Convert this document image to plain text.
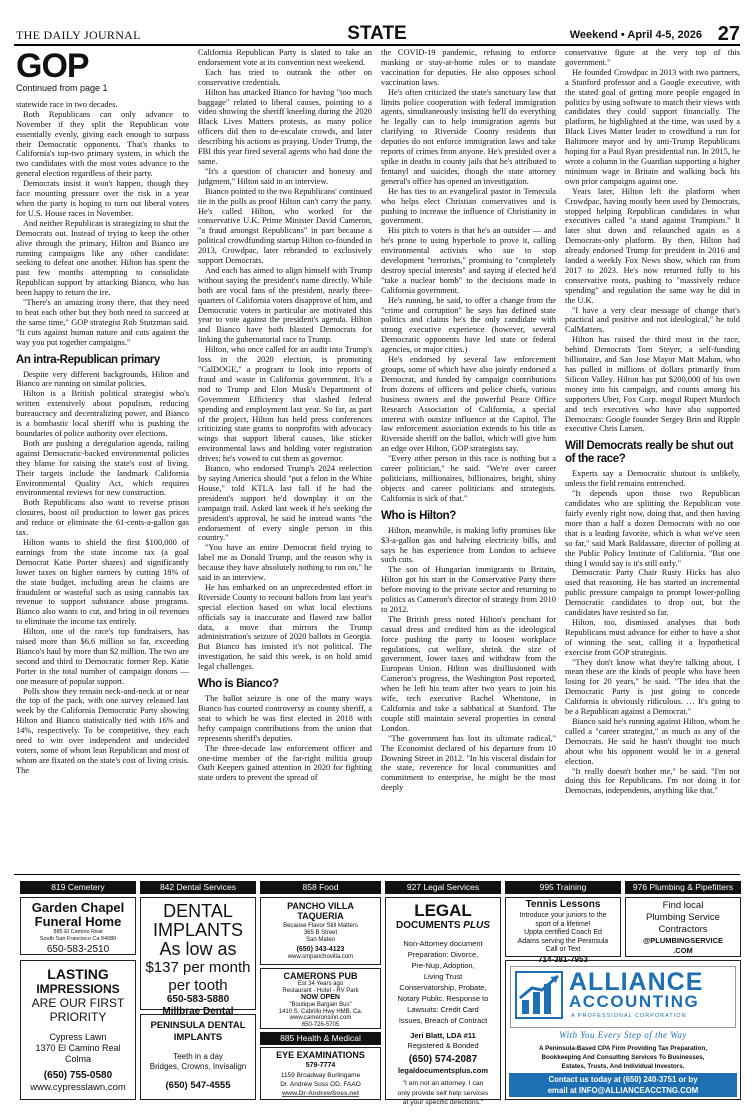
THE DAILY JOURNAL	STATE	Weekend • April 4-5, 2026 27
GOP
Continued from page 1

statewide race in two decades.

Both Republicans can only advance to November if they split the Republican vote essentially evenly, giving each enough to surpass their Democratic opponents. That's thanks to California's top-two primary system, in which the two candidates with the most votes advance to the general election regardless of their party.

Democrats insist it won't happen, though they face mounting pressure over the risk in a year when the party is hoping to turn out liberal voters for U.S. House races in November.

And neither Republican is strategizing to shut the Democrats out. Instead of trying to keep the other alive through the primary, Hilton and Bianco are running campaigns like any other candidate: seeking to defeat one another. Hilton has spent the past few months attempting to consolidate Republican support by attacking Bianco, who has been happy to return the ire.

"There's an amazing irony there, that they need to beat each other but they both need to succeed at the same time," GOP strategist Rob Stutzman said. "It cuts against human nature and cuts against the way you put together campaigns."

An intra-Republican primary

Despite very different backgrounds, Hilton and Bianco are running on similar policies.

Hilton is a British political strategist who's written extensively about populism, reducing bureaucracy and decentralizing power, and Bianco is a bombastic local sheriff who is pushing the boundaries of police authority over elections.

Both are pushing a deregulation agenda, railing against Democratic-backed environmental policies they blame for raising the state's cost of living. Their targets include the landmark California Environmental Quality Act, which requires environmental reviews for new construction.

Both Republicans also want to reverse prison closures, boost oil production to lower gas prices and reduce or eliminate the 61-cents-a-gallon gas tax.

Hilton wants to shield the first $100,000 of earnings from the state income tax (a goal Democrat Katie Porter shares) and significantly lower taxes on higher earners by cutting 18% of the state budget, including areas he claims are fraudulent or wasteful such as using cannabis tax revenue to support substance abuse programs. Bianco also wants to cut, and bring in oil revenues to eliminate the income tax entirely.

Hilton, one of the race's top fundraisers, has raised more than $6.6 million so far, exceeding Bianco's haul by more than $2 million. The two are second and third to Democratic former Rep. Katie Porter in the total number of campaign donors — one measure of popular support.

Polls show they remain neck-and-neck at or near the top of the pack, with one survey released last week by the California Democratic Party showing Hilton and Bianco statistically tied with 16% and 14%, respectively. To be competitive, they each need to win over independent and undecided voters, some of whom lean Republican and most of whom are fixated on the state's cost of living crisis. The

California Republican Party is slated to take an endorsement vote at its convention next weekend.

Each has tried to outrank the other on conservative credentials.

Hilton has attacked Bianco for having "too much baggage" related to liberal causes, pointing to a video showing the sheriff kneeling during the 2020 Black Lives Matters protests, as many police officers did then to de-escalate crowds, and later describing his actions as praying. Under Trump, the FBI this year fired several agents who had done the same.

"It's a question of character and honesty and judgment," Hilton said in an interview.

Bianco pointed to the two Republicans' continued tie in the polls as proof Hilton can't carry the party. He's called Hilton, who worked for the conservative U.K. Prime Minister David Cameron, "a fraud amongst Republicans" in part because a political crowdfunding startup Hilton co-founded in 2013, Crowdpac, later rebranded to exclusively support Democrats.

And each has aimed to align himself with Trump without saying the president's name directly. While both are vocal fans of the president, nearly three-quarters of California voters disapprove of him, and Democratic voters in particular are motivated this year to vote against the president's agenda. Hilton and Bianco have both blasted Democrats for linking the gubernatorial race to Trump.

Hilton, who once called for an audit into Trump's loss in the 2020 election, is promoting "CalDOGE," a program to look into reports of fraud and waste in California government. It's a nod to Trump and Elon Musk's Department of Government Efficiency that slashed federal spending and employment last year. So far, as part of the project, Hilton has held press conferences criticizing state grants to nonprofits with advocacy wings that support liberal causes, like sticker environmental laws and holding voter registration drives; he's vowed to cut them as governor.

Bianco, who endorsed Trump's 2024 reelection by saying America should "put a felon in the White House," told KTLA last fall if he had the president's support he'd downplay it on the campaign trail. Asked last week if he's seeking the president's approval, he said he instead wants "the endorsement of every single person in this country."

"You have an entire Democrat field trying to label me as Donald Trump, and the reason why is because they have absolutely nothing to run on," he said in an interview.

He has embarked on an unprecedented effort in Riverside County to recount ballots from last year's special election based on what local elections officials say is inaccurate and flawed raw ballot data, a move that mirrors the Trump administration's seizure of 2020 ballots in Georgia. But Bianco has insisted it's not political. The investigation, he said this week, is on hold amid legal challenges.

Who is Bianco?

The ballot seizure is one of the many ways Bianco has courted controversy as county sheriff, a seat to which he was first elected in 2018 with hefty campaign contributions from the union that represents sheriff's deputies.

The three-decade law enforcement officer and one-time member of the far-right militia group Oath Keepers gained attention in 2020 for fighting state orders to prevent the spread of

the COVID-19 pandemic, refusing to enforce masking or stay-at-home rules or to mandate vaccination for deputies. He also opposes school vaccination laws.

He's often criticized the state's sanctuary law that limits police cooperation with federal immigration agents, simultaneously insisting he'll do everything he legally can to help immigration agents but clarifying to Riverside County residents that deputies do not enforce immigration laws and take reports of crimes from anyone. He's presided over a spike in deaths in county jails that he's attributed to fentanyl and suicides, though the state attorney general's office has opened an investigation.

He has ties to an evangelical pastor in Temecula who helps elect Christian conservatives and is pushing to increase the influence of Christianity in government.

His pitch to voters is that he's an outsider — and he's prone to using hyperbole to prove it, calling environmental activists who sue to stop development "terrorists," promising to "completely destroy special interests" and saying if elected he'd "take a nuclear bomb" to the decisions made in California government.

He's running, he said, to offer a change from the "crime and corruption" he says has defined state politics and claims he's the only candidate with strong executive experience (however, several Democratic opponents have led state or federal agencies, or major cities.)

He's endorsed by several law enforcement groups, some of which have also jointly endorsed a Democrat, and funded by campaign contributions from dozens of officers and police chiefs, various business owners and the powerful Peace Office Research Association of California, a special interest with outsize influence at the Capitol. The law enforcement association extends to his title as Riverside sheriff on the ballot, which will give him an edge over Hilton, GOP strategists say.

"Every other person in this race is nothing but a career politician," he said. "We're over career politicians, millionaires, billionaires, bright, shiny objects and career politicians and strategists. California is sick of that."

Who is Hilton?

Hilton, meanwhile, is making lofty promises like $3-a-gallon gas and halving electricity bills, and says he has experience from London to achieve such cuts.

The son of Hungarian immigrants to Britain, Hilton got his start in the Conservative Party there before moving to the private sector and returning to politics as Cameron's director of strategy from 2010 to 2012.

The British press noted Hilton's penchant for casual dress and credited him as the ideological force pushing the party to loosen workplace regulations, cut welfare, shrink the size of government, lower taxes and withdraw from the European Union. Hilton was disillusioned with Cameron's progress, the Washington Post reported, when he left his team after two years to join his wife, tech executive Rachel Whetstone, in California and take a sabbatical at Stanford. The couple still maintain several properties in central London.

"The government has lost its ultimate radical," The Economist declared of his departure from 10 Downing Street in 2012. "In his visceral disdain for the state, reverence for local communities and commitment to enterprise, he might be the most deeply

conservative figure at the very top of this government."

He founded Crowdpac in 2013 with two partners, a Stanford professor and a Google executive, with the stated goal of getting more people engaged in politics by using software to match their views with candidates they could support financially. The platform, he highlighted at the time, was used by a Black Lives Matter leader to crowdfund a run for Baltimore mayor and by anti-Trump Republicans hoping for a Paul Ryan presidential run. In 2015, he wrote a column in the Guardian supporting a higher minimum wage in Britain and walking back his own prior campaigns against one.

Years later, Hilton left the platform when Crowdpac, having mostly been used by Democrats, stopped helping Republican candidates in what executives called "a stand against Trumpism." It later shut down and relaunched again as a Democrats-only platform. By then, Hilton had already endorsed Trump for president in 2016 and landed a weekly Fox News show, which ran from 2017 to 2023. He's now returned fully to his conservative roots, pushing to "massively reduce spending" and regulation the same way he did in the U.K.

"I have a very clear message of change that's practical and positive and not ideological," he told CalMatters.

Hilton has raised the third most in the race, behind Democrats Tom Steyer, a self-funding billionaire, and San Jose Mayor Matt Mahan, who has pulled in millions of dollars primarily from Silicon Valley. Hilton has put $200,000 of his own money into his campaign, and counts among his supporters Uber, Fox Corp. mogul Rupert Murdoch and tech executives who have also supported Democrats: Google founder Sergey Brin and Ripple executive Chris Larsen.

Will Democrats really be shut out of the race?

Experts say a Democratic shutout is unlikely, unless the field remains entrenched.

"It depends upon those two Republican candidates who are splitting the Republican vote fairly evenly right now, doing that, and then having more than a half a dozen Democrats with no one that is a leading favorite, which is what we've seen so far," said Mark Baldassare, director of polling at the Public Policy Institute of California. "But one thing I would say is it's still early."

Democratic Party Chair Rusty Hicks has also used that reasoning. He has started an incremental public pressure campaign to prompt lower-polling Democratic candidates to drop out, but the candidates have resisted so far.

Hilton, too, dismissed analyses that both Republicans must advance for either to have a shot of winning the seat, calling it a hypothetical exercise from GOP strategists.

"They don't know what they're talking about, I mean these are the kinds of people who have been losing for 20 years," he said. "The idea that the Democratic Party is just going to concede California is obviously ridiculous. … It's going to be a Republican against a Democrat."

Bianco said he's running against Hilton, whom he called a "career strategist," as much as any of the Democrats. He said he hasn't thought too much about who his opponent would be in a general election.

"It really doesn't bother me," he said. "I'm not doing this for Republicans. I'm not doing it for Democrats, independents, anything like that."

819 Cemetery	842 Dental Services	858 Food	927 Legal Services	995 Training	976 Plumbing & Pipefitters
Garden Chapel
Funeral Home
885 El Camino Real
South San Francisco Ca 94080
650-583-2510
LASTING
IMPRESSIONS
ARE OUR FIRST
PRIORITY
Cypress Lawn
1370 El Camino Real
Colma
(650) 755-0580
www.cypresslawn.com
DENTAL
IMPLANTS
As low as
$137 per month
per tooth
650-583-5880
Millbrae Dental
PENINSULA DENTAL
IMPLANTS
Teeth in a day
Bridges, Crowns, Invisalign
(650) 547-4555
PANCHO VILLA
TAQUERIA
Because Flavor Still Matters
365 B Street
San Mateo
(650) 343-4123
www.smpanchovilla.com
CAMERONS PUB
Est 34 Years ago
Restaurant - Hotel - RV Park
NOW OPEN
"Boutique Bargain Bus"
1410 S. Cabrillo Hwy HMB, Ca.
www.cameronsinn.com
650-726-5705
885 Health & Medical
EYE EXAMINATIONS
579-7774
1159 Broadway Burlingame
Dr. Andrew Soss OD, FAAO
www.Dr-AndrewSoss.net
LEGAL
DOCUMENTS PLUS
Non-Attorney document
Preparation: Divorce,
Pre-Nup, Adoption,
Living Trust
Conservatorship, Probate,
Notary Public. Response to
Lawsuits: Credit Card
Issues, Breach of Contract
Jeri Blatt, LDA #11
Registered & Bonded
(650) 574-2087
legaldocumentsplus.com
"I am not an attorney. I can
only provide self help services
at your specific directions."
Tennis Lessons
Introduce your juniors to the
sport of a lifetime!
Uppta certified Coach Ed
Adams serving the Peninsula
Call or Text
714-381-7953
Find local
Plumbing Service
Contractors
@PLUMBINGSERVICE
.COM
ALLIANCE
ACCOUNTING
A PROFESSIONAL CORPORATION
With You Every Step of the Way
A Peninsula-Based CPA Firm Providing Tax Preparation,
Bookkeeping And Consulting Services To Businesses,
Estates, Trusts, And Individual Investors.
Contact us today at (650) 240-3751 or by
email at INFO@ALLIANCEACCTNG.COM
